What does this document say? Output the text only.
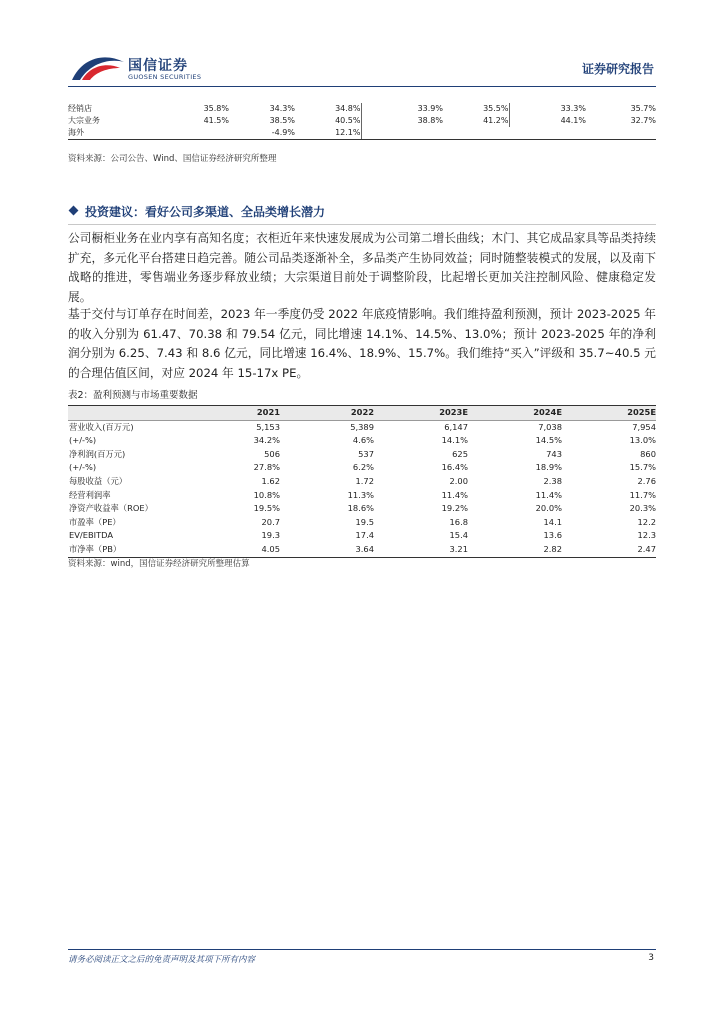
国信证券
GUOSEN SECURITIES
证券研究报告
经销店	35.8%	34.3%	34.8%	33.9%	35.5%	33.3%	35.7%
大宗业务	41.5%	38.5%	40.5%	38.8%	41.2%	44.1%	32.7%
海外		-4.9%	12.1%				
资料来源：公司公告、Wind、国信证券经济研究所整理
投资建议：看好公司多渠道、全品类增长潜力
公司橱柜业务在业内享有高知名度；衣柜近年来快速发展成为公司第二增长曲线；木门、其它成品家具等品类持续扩充，多元化平台搭建日趋完善。随公司品类逐渐补全，多品类产生协同效益；同时随整装模式的发展，以及南下战略的推进，零售端业务逐步释放业绩；大宗渠道目前处于调整阶段，比起增长更加关注控制风险、健康稳定发展。
基于交付与订单存在时间差，2023 年一季度仍受 2022 年底疫情影响。我们维持盈利预测，预计 2023-2025 年的收入分别为 61.47、70.38 和 79.54 亿元，同比增速 14.1%、14.5%、13.0%；预计 2023-2025 年的净利润分别为 6.25、7.43 和 8.6 亿元，同比增速 16.4%、18.9%、15.7%。我们维持“买入”评级和 35.7~40.5 元的合理估值区间，对应 2024 年 15-17x PE。
表2：盈利预测与市场重要数据
	2021	2022	2023E	2024E	2025E
营业收入(百万元)	5,153	5,389	6,147	7,038	7,954
(+/-%)	34.2%	4.6%	14.1%	14.5%	13.0%
净利润(百万元)	506	537	625	743	860
(+/-%)	27.8%	6.2%	16.4%	18.9%	15.7%
每股收益（元）	1.62	1.72	2.00	2.38	2.76
经营利润率	10.8%	11.3%	11.4%	11.4%	11.7%
净资产收益率（ROE）	19.5%	18.6%	19.2%	20.0%	20.3%
市盈率（PE）	20.7	19.5	16.8	14.1	12.2
EV/EBITDA	19.3	17.4	15.4	13.6	12.3
市净率（PB）	4.05	3.64	3.21	2.82	2.47
资料来源：wind，国信证券经济研究所整理估算
请务必阅读正文之后的免责声明及其项下所有内容	3
